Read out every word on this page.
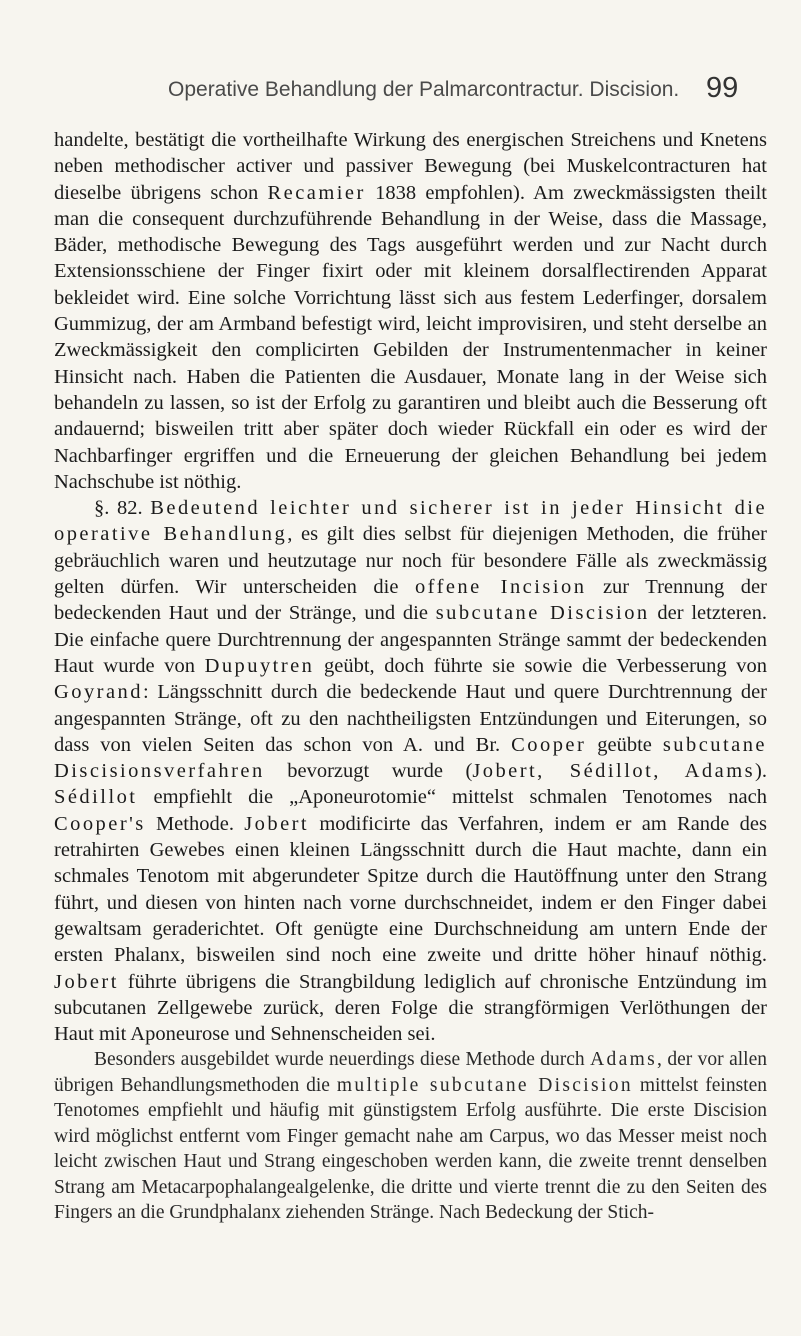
Operative Behandlung der Palmarcontractur. Discision. 99

handelte, bestätigt die vortheilhafte Wirkung des energischen Streichens und Knetens neben methodischer activer und passiver Bewegung (bei Muskelcontracturen hat dieselbe übrigens schon Recamier 1838 empfohlen). Am zweckmässigsten theilt man die consequent durchzuführende Behandlung in der Weise, dass die Massage, Bäder, methodische Bewegung des Tags ausgeführt werden und zur Nacht durch Extensionsschiene der Finger fixirt oder mit kleinem dorsalflectirenden Apparat bekleidet wird. Eine solche Vorrichtung lässt sich aus festem Lederfinger, dorsalem Gummizug, der am Armband befestigt wird, leicht improvisiren, und steht derselbe an Zweckmässigkeit den complicirten Gebilden der Instrumentenmacher in keiner Hinsicht nach. Haben die Patienten die Ausdauer, Monate lang in der Weise sich behandeln zu lassen, so ist der Erfolg zu garantiren und bleibt auch die Besserung oft andauernd; bisweilen tritt aber später doch wieder Rückfall ein oder es wird der Nachbarfinger ergriffen und die Erneuerung der gleichen Behandlung bei jedem Nachschube ist nöthig.

§. 82. Bedeutend leichter und sicherer ist in jeder Hinsicht die operative Behandlung, es gilt dies selbst für diejenigen Methoden, die früher gebräuchlich waren und heutzutage nur noch für besondere Fälle als zweckmässig gelten dürfen. Wir unterscheiden die offene Incision zur Trennung der bedeckenden Haut und der Stränge, und die subcutane Discision der letzteren. Die einfache quere Durchtrennung der angespannten Stränge sammt der bedeckenden Haut wurde von Dupuytren geübt, doch führte sie sowie die Verbesserung von Goyrand: Längsschnitt durch die bedeckende Haut und quere Durchtrennung der angespannten Stränge, oft zu den nachtheiligsten Entzündungen und Eiterungen, so dass von vielen Seiten das schon von A. und Br. Cooper geübte subcutane Discisionsverfahren bevorzugt wurde (Jobert, Sédillot, Adams). Sédillot empfiehlt die „Aponeurotomie“ mittelst schmalen Tenotomes nach Cooper's Methode. Jobert modificirte das Verfahren, indem er am Rande des retrahirten Gewebes einen kleinen Längsschnitt durch die Haut machte, dann ein schmales Tenotom mit abgerundeter Spitze durch die Hautöffnung unter den Strang führt, und diesen von hinten nach vorne durchschneidet, indem er den Finger dabei gewaltsam geraderichtet. Oft genügte eine Durchschneidung am untern Ende der ersten Phalanx, bisweilen sind noch eine zweite und dritte höher hinauf nöthig. Jobert führte übrigens die Strangbildung lediglich auf chronische Entzündung im subcutanen Zellgewebe zurück, deren Folge die strangförmigen Verlöthungen der Haut mit Aponeurose und Sehnenscheiden sei.

Besonders ausgebildet wurde neuerdings diese Methode durch Adams, der vor allen übrigen Behandlungsmethoden die multiple subcutane Discision mittelst feinsten Tenotomes empfiehlt und häufig mit günstigstem Erfolg ausführte. Die erste Discision wird möglichst entfernt vom Finger gemacht nahe am Carpus, wo das Messer meist noch leicht zwischen Haut und Strang eingeschoben werden kann, die zweite trennt denselben Strang am Metacarpophalangealgelenke, die dritte und vierte trennt die zu den Seiten des Fingers an die Grundphalanx ziehenden Stränge. Nach Bedeckung der Stich-
